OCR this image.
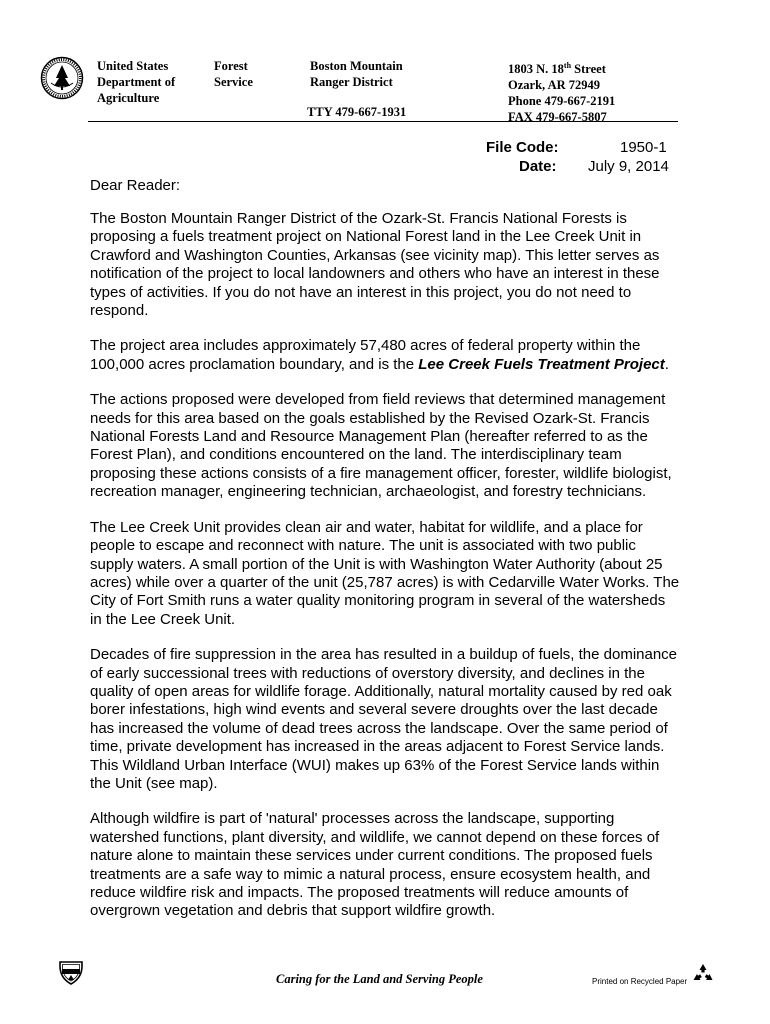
United States
Department of
Agriculture
Forest
Service
Boston Mountain
Ranger District
TTY 479-667-1931
1803 N. 18th Street
Ozark, AR 72949
Phone 479-667-2191
FAX 479-667-5807
File Code:	1950-1
Date: July 9, 2014
Dear Reader:

The Boston Mountain Ranger District of the Ozark-St. Francis National Forests is proposing a fuels treatment project on National Forest land in the Lee Creek Unit in Crawford and Washington Counties, Arkansas (see vicinity map). This letter serves as notification of the project to local landowners and others who have an interest in these types of activities. If you do not have an interest in this project, you do not need to respond.

The project area includes approximately 57,480 acres of federal property within the 100,000 acres proclamation boundary, and is the Lee Creek Fuels Treatment Project.

The actions proposed were developed from field reviews that determined management needs for this area based on the goals established by the Revised Ozark-St. Francis National Forests Land and Resource Management Plan (hereafter referred to as the Forest Plan), and conditions encountered on the land. The interdisciplinary team proposing these actions consists of a fire management officer, forester, wildlife biologist, recreation manager, engineering technician, archaeologist, and forestry technicians.

The Lee Creek Unit provides clean air and water, habitat for wildlife, and a place for people to escape and reconnect with nature. The unit is associated with two public supply waters. A small portion of the Unit is with Washington Water Authority (about 25 acres) while over a quarter of the unit (25,787 acres) is with Cedarville Water Works. The City of Fort Smith runs a water quality monitoring program in several of the watersheds in the Lee Creek Unit.

Decades of fire suppression in the area has resulted in a buildup of fuels, the dominance of early successional trees with reductions of overstory diversity, and declines in the quality of open areas for wildlife forage. Additionally, natural mortality caused by red oak borer infestations, high wind events and several severe droughts over the last decade has increased the volume of dead trees across the landscape. Over the same period of time, private development has increased in the areas adjacent to Forest Service lands. This Wildland Urban Interface (WUI) makes up 63% of the Forest Service lands within the Unit (see map).

Although wildfire is part of 'natural' processes across the landscape, supporting watershed functions, plant diversity, and wildlife, we cannot depend on these forces of nature alone to maintain these services under current conditions. The proposed fuels treatments are a safe way to mimic a natural process, ensure ecosystem health, and reduce wildfire risk and impacts. The proposed treatments will reduce amounts of overgrown vegetation and debris that support wildfire growth.

Caring for the Land and Serving People	Printed on Recycled Paper
